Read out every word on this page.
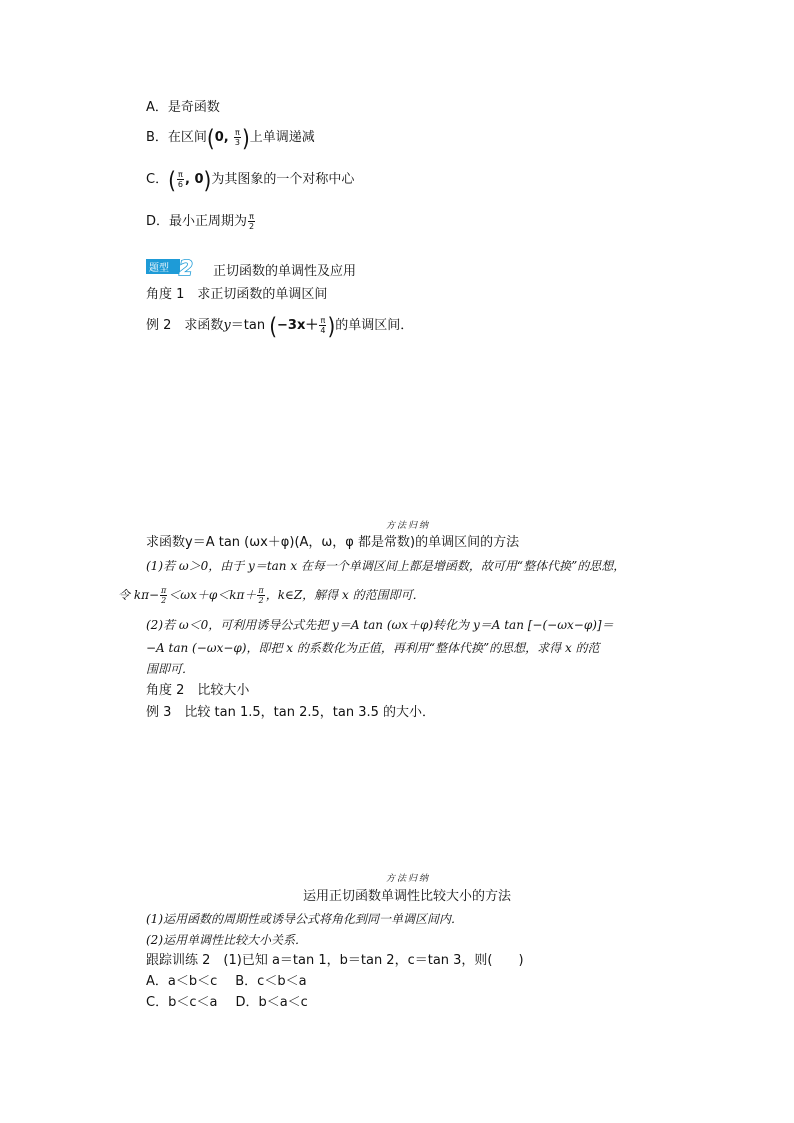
A．是奇函数
B．在区间(0, $\frac{\pi}{3}$ )上单调递减
C．( $\frac{\pi}{6}$ , 0)为其图象的一个对称中心
D．最小正周期为 $\frac{\pi}{2}$
题型 2 正切函数的单调性及应用
角度 1　求正切函数的单调区间
例 2　求函数y＝tan ($-3x+ \frac{\pi}{4}$ )的单调区间．
方法归纳
求函数y＝A tan (ωx＋φ)(A，ω，φ 都是常数)的单调区间的方法
(1)若 ω＞0，由于 y＝tan x 在每一个单调区间上都是增函数，故可用“整体代换”的思想，
令 $k\pi- \frac{\pi}{2} <\omega x+\varphi<k\pi+ \frac{\pi}{2}$ ，k∈Z，解得 x 的范围即可．
(2)若 ω＜0，可利用诱导公式先把 y＝A tan (ωx＋φ)转化为 y＝A tan [−(−ωx−φ)]＝
−A tan (−ωx−φ)，即把 x 的系数化为正值，再利用“整体代换”的思想，求得 x 的范
围即可．
角度 2　比较大小
例 3　比较 tan 1.5，tan 2.5，tan 3.5 的大小．
方法归纳
运用正切函数单调性比较大小的方法
(1)运用函数的周期性或诱导公式将角化到同一单调区间内．
(2)运用单调性比较大小关系．
跟踪训练 2　(1)已知 a＝tan 1，b＝tan 2，c＝tan 3，则(　　)
A．a＜b＜c B．c＜b＜a
C．b＜c＜a D．b＜a＜c
